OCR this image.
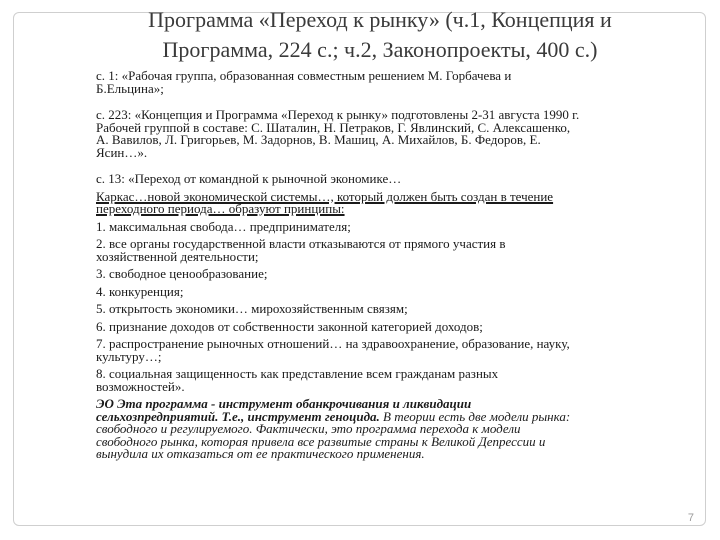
Программа «Переход к рынку» (ч.1, Концепция и
Программа, 224 с.; ч.2, Законопроекты, 400 с.)

с. 1: «Рабочая группа, образованная совместным решением М. Горбачева и
Б.Ельцина»;

с. 223: «Концепция и Программа «Переход к рынку» подготовлены 2-31 августа 1990 г.
Рабочей группой в составе: С. Шаталин, Н. Петраков, Г. Явлинский, С. Алексашенко,
А. Вавилов, Л. Григорьев, М. Задорнов, В. Машиц, А. Михайлов, Б. Федоров, Е.
Ясин…».

с. 13: «Переход от командной к рыночной экономике…

Каркас…новой экономической системы…, который должен быть создан в течение
переходного периода… образуют принципы:

1. максимальная свобода… предпринимателя;

2. все органы государственной власти отказываются от прямого участия в
хозяйственной деятельности;

3. свободное ценообразование;

4. конкуренция;

5. открытость экономики… мирохозяйственным связям;

6. признание доходов от собственности законной категорией доходов;

7. распространение рыночных отношений… на здравоохранение, образование, науку,
культуру…;

8. социальная защищенность как представление всем гражданам разных
возможностей».

ЭО Эта программа - инструмент обанкрочивания и ликвидации
сельхозпредприятий. Т.е., инструмент геноцида. В теории есть две модели рынка:
свободного и регулируемого. Фактически, это программа перехода к модели
свободного рынка, которая привела все развитые страны к Великой Депрессии и
вынудила их отказаться от ее практического применения.

7
